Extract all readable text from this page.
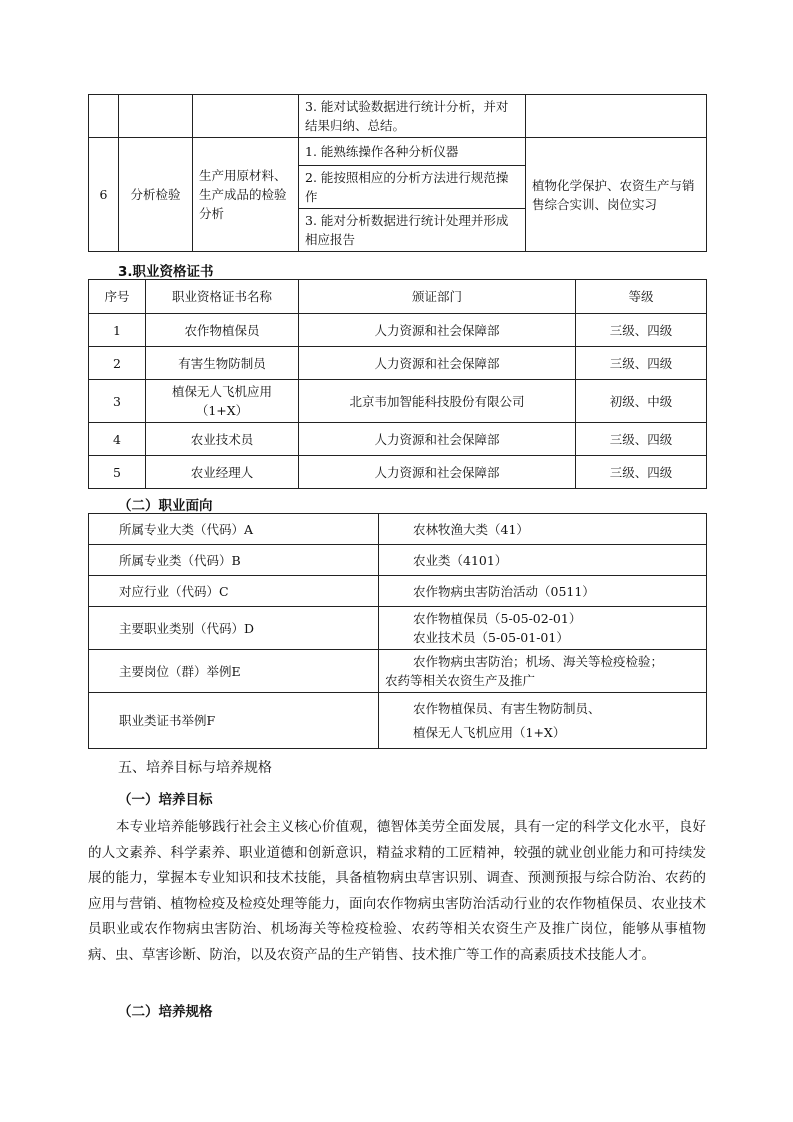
			3. 能对试验数据进行统计分析，并对结果归纳、总结。	
6	分析检验	生产用原材料、生产成品的检验分析	1. 能熟练操作各种分析仪器	植物化学保护、农资生产与销售综合实训、岗位实习
			2. 能按照相应的分析方法进行规范操作	
			3. 能对分析数据进行统计处理并形成相应报告	
3.职业资格证书
序号	职业资格证书名称	颁证部门	等级
1	农作物植保员	人力资源和社会保障部	三级、四级
2	有害生物防制员	人力资源和社会保障部	三级、四级
3	植保无人飞机应用（1+X）	北京韦加智能科技股份有限公司	初级、中级
4	农业技术员	人力资源和社会保障部	三级、四级
5	农业经理人	人力资源和社会保障部	三级、四级
（二）职业面向
所属专业大类（代码）A	农林牧渔大类（41）
所属专业类（代码）B	农业类（4101）
对应行业（代码）C	农作物病虫害防治活动（0511）
主要职业类别（代码）D	农作物植保员（5-05-02-01）
农业技术员（5-05-01-01）

主要岗位（群）举例E	农作物病虫害防治；机场、海关等检疫检验；
农药等相关农资生产及推广

职业类证书举例F	农作物植保员、有害生物防制员、
植保无人飞机应用（1+X）
五、培养目标与培养规格
（一）培养目标

本专业培养能够践行社会主义核心价值观，德智体美劳全面发展，具有一定的科学文化水平，良好的人文素养、科学素养、职业道德和创新意识，精益求精的工匠精神，较强的就业创业能力和可持续发展的能力，掌握本专业知识和技术技能，具备植物病虫草害识别、调查、预测预报与综合防治、农药的应用与营销、植物检疫及检疫处理等能力，面向农作物病虫害防治活动行业的农作物植保员、农业技术员职业或农作物病虫害防治、机场海关等检疫检验、农药等相关农资生产及推广岗位，能够从事植物病、虫、草害诊断、防治，以及农资产品的生产销售、技术推广等工作的高素质技术技能人才。

（二）培养规格
